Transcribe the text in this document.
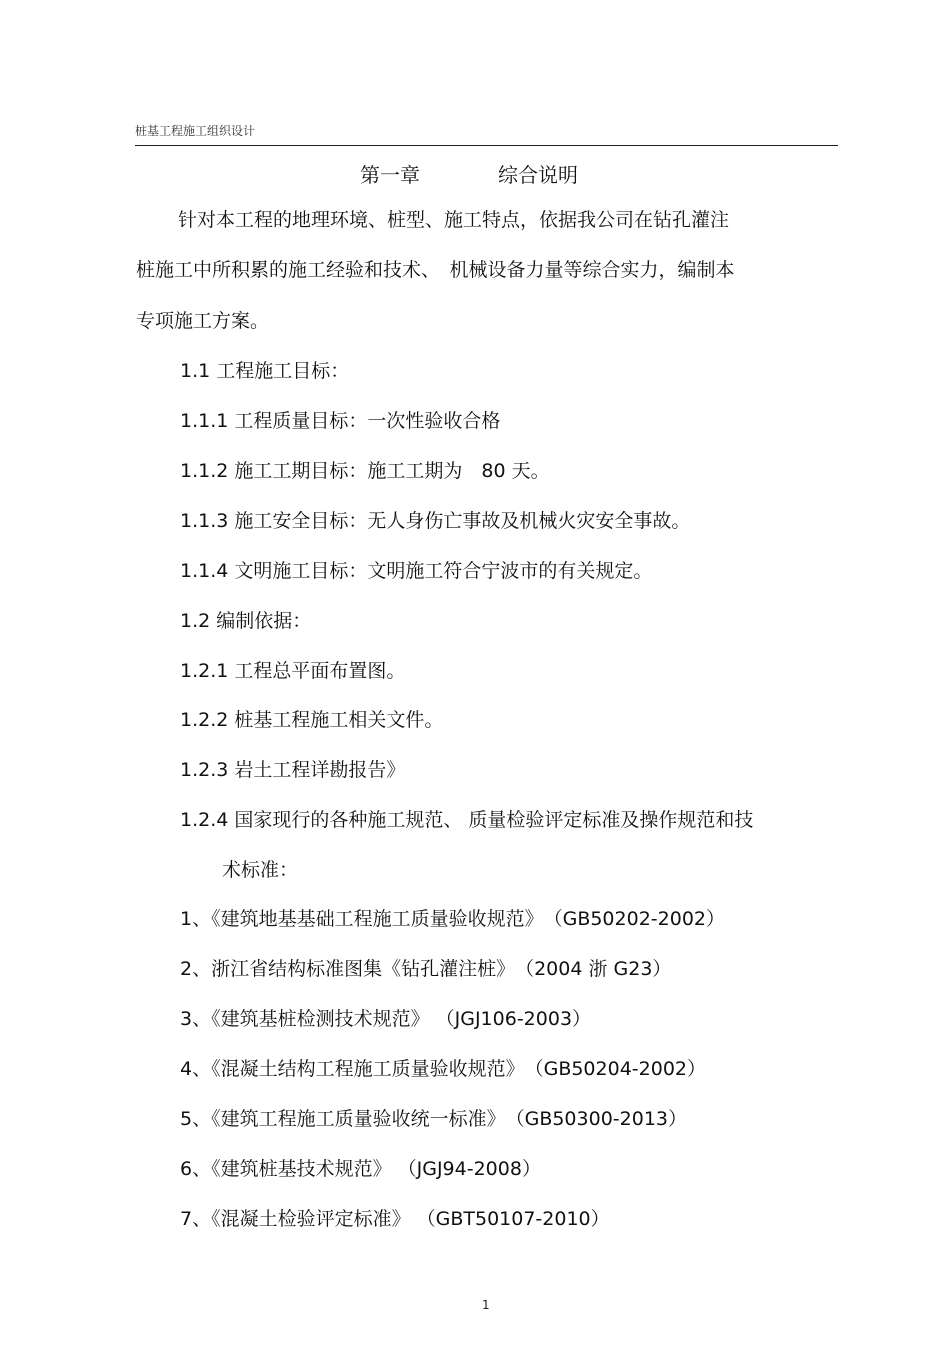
桩基工程施工组织设计
第一章	综合说明
针对本工程的地理环境、桩型、施工特点，依据我公司在钻孔灌注
桩施工中所积累的施工经验和技术、　机械设备力量等综合实力，编制本
专项施工方案。
1.1 工程施工目标：
1.1.1 工程质量目标：一次性验收合格
1.1.2 施工工期目标：施工工期为　80 天。
1.1.3 施工安全目标：无人身伤亡事故及机械火灾安全事故。
1.1.4 文明施工目标：文明施工符合宁波市的有关规定。
1.2 编制依据：
1.2.1 工程总平面布置图。
1.2.2 桩基工程施工相关文件。
1.2.3 岩土工程详勘报告》
1.2.4 国家现行的各种施工规范、 质量检验评定标准及操作规范和技
术标准：
1、《建筑地基基础工程施工质量验收规范》　（GB50202-2002）
2、浙江省结构标准图集《钻孔灌注桩》　（2004 浙 G23）
3、《建筑基桩检测技术规范》 （JGJ106-2003）
4、《混凝土结构工程施工质量验收规范》　（GB50204-2002）
5、《建筑工程施工质量验收统一标准》　（GB50300-2013）
6、《建筑桩基技术规范》 （JGJ94-2008）
7、《混凝土检验评定标准》 （GBT50107-2010）
1
